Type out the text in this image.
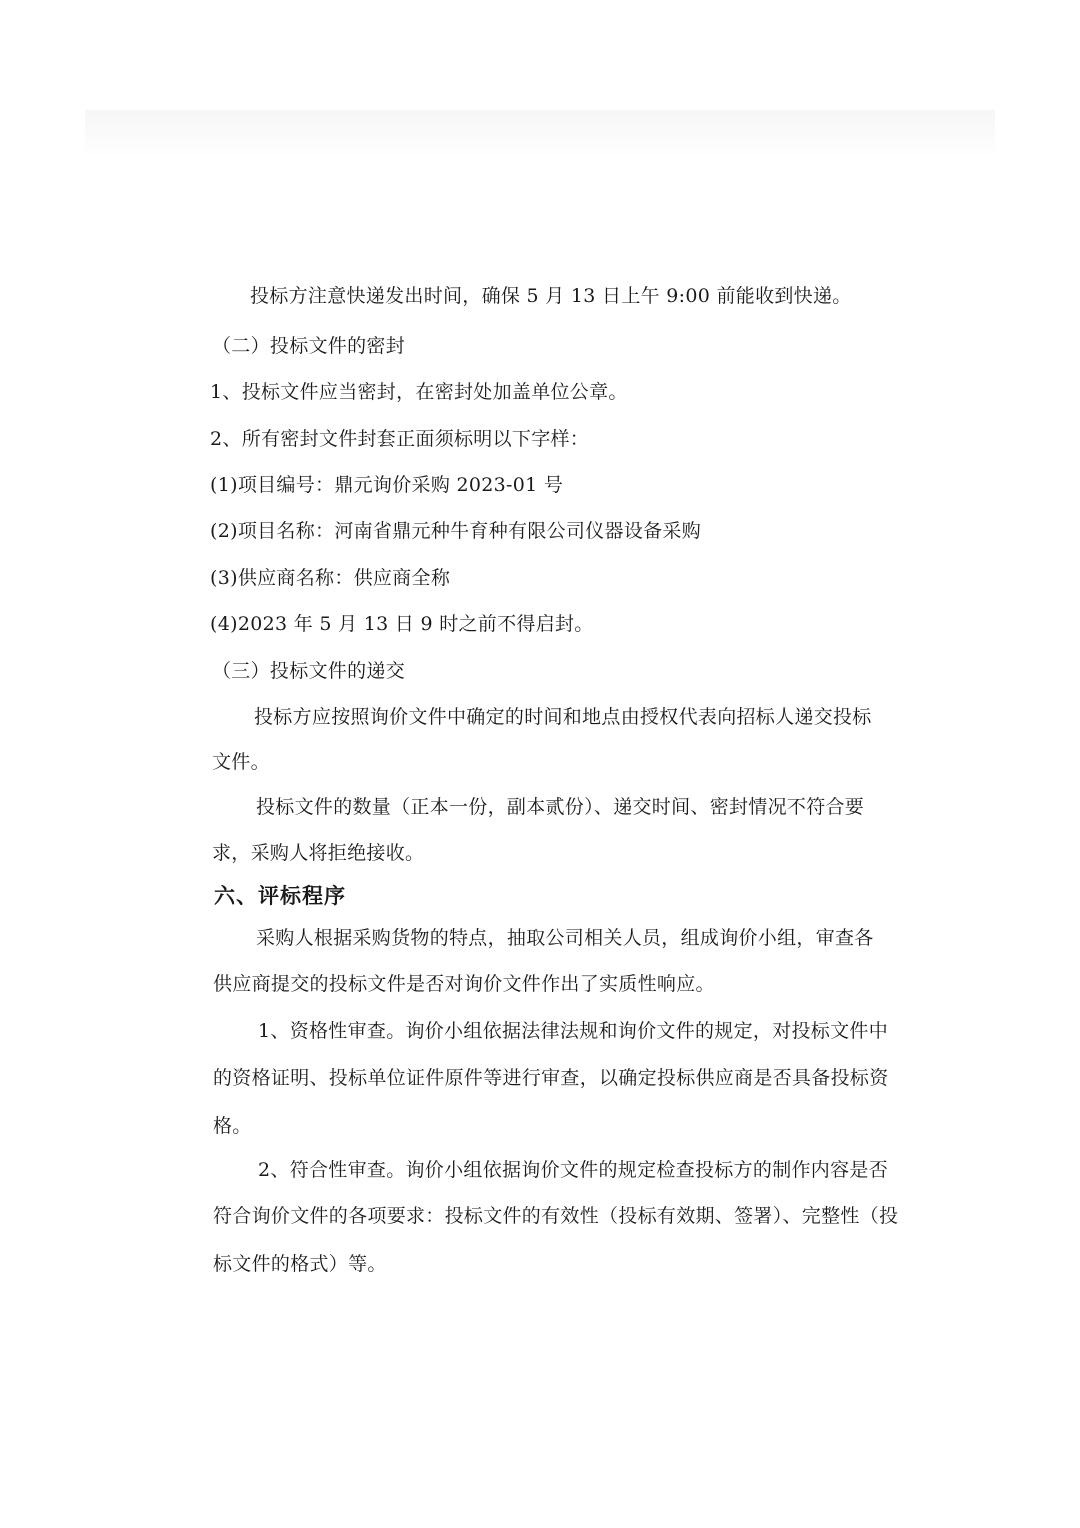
投标方注意快递发出时间，确保 5 月 13 日上午 9:00 前能收到快递。
（二）投标文件的密封
1、投标文件应当密封，在密封处加盖单位公章。
2、所有密封文件封套正面须标明以下字样：
(1)项目编号：鼎元询价采购 2023-01 号
(2)项目名称：河南省鼎元种牛育种有限公司仪器设备采购
(3)供应商名称：供应商全称
(4)2023 年 5 月 13 日 9 时之前不得启封。
（三）投标文件的递交
投标方应按照询价文件中确定的时间和地点由授权代表向招标人递交投标
文件。
投标文件的数量（正本一份，副本贰份）、递交时间、密封情况不符合要
求，采购人将拒绝接收。
六、评标程序
采购人根据采购货物的特点，抽取公司相关人员，组成询价小组，审查各
供应商提交的投标文件是否对询价文件作出了实质性响应。
1、资格性审查。询价小组依据法律法规和询价文件的规定，对投标文件中
的资格证明、投标单位证件原件等进行审查，以确定投标供应商是否具备投标资
格。
2、符合性审查。询价小组依据询价文件的规定检查投标方的制作内容是否
符合询价文件的各项要求：投标文件的有效性（投标有效期、签署）、完整性（投
标文件的格式）等。
